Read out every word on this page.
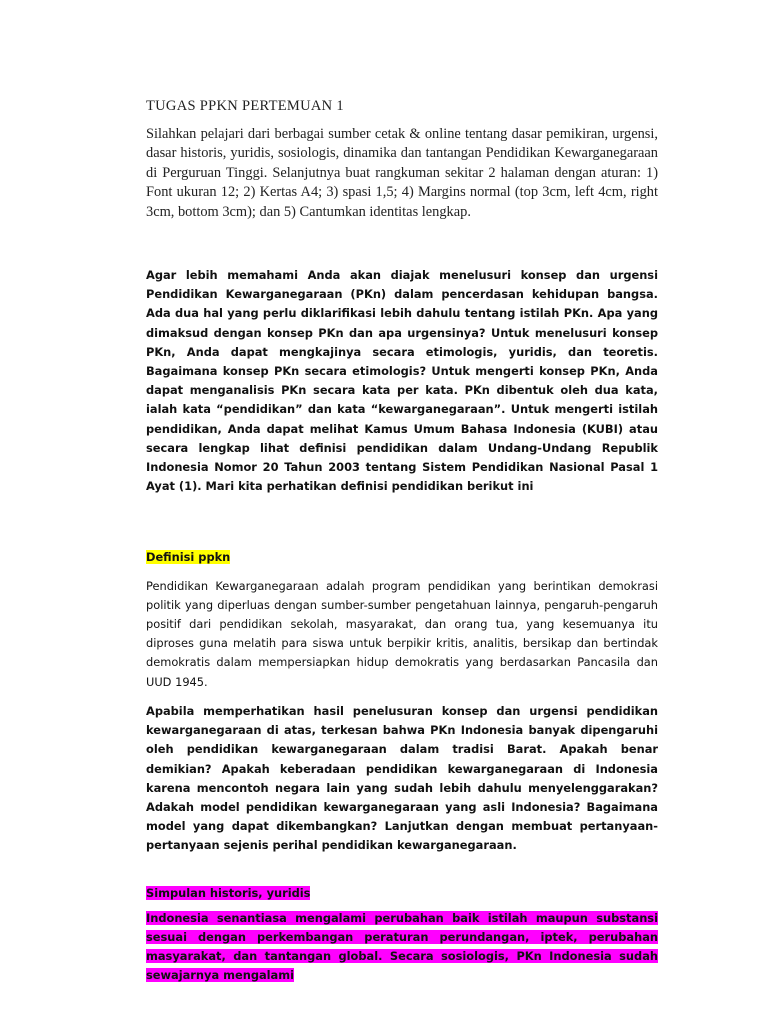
TUGAS PPKN PERTEMUAN 1

Silahkan pelajari dari berbagai sumber cetak & online tentang dasar pemikiran, urgensi, dasar historis, yuridis, sosiologis, dinamika dan tantangan Pendidikan Kewarganegaraan di Perguruan Tinggi. Selanjutnya buat rangkuman sekitar 2 halaman dengan aturan: 1) Font ukuran 12; 2) Kertas A4; 3) spasi 1,5; 4) Margins normal (top 3cm, left 4cm, right 3cm, bottom 3cm); dan 5) Cantumkan identitas lengkap.

Agar lebih memahami Anda akan diajak menelusuri konsep dan urgensi Pendidikan Kewarganegaraan (PKn) dalam pencerdasan kehidupan bangsa. Ada dua hal yang perlu diklarifikasi lebih dahulu tentang istilah PKn. Apa yang dimaksud dengan konsep PKn dan apa urgensinya? Untuk menelusuri konsep PKn, Anda dapat mengkajinya secara etimologis, yuridis, dan teoretis. Bagaimana konsep PKn secara etimologis? Untuk mengerti konsep PKn, Anda dapat menganalisis PKn secara kata per kata. PKn dibentuk oleh dua kata, ialah kata “pendidikan” dan kata “kewarganegaraan”. Untuk mengerti istilah pendidikan, Anda dapat melihat Kamus Umum Bahasa Indonesia (KUBI) atau secara lengkap lihat definisi pendidikan dalam Undang-Undang Republik Indonesia Nomor 20 Tahun 2003 tentang Sistem Pendidikan Nasional Pasal 1 Ayat (1). Mari kita perhatikan definisi pendidikan berikut ini

Definisi ppkn

Pendidikan Kewarganegaraan adalah program pendidikan yang berintikan demokrasi politik yang diperluas dengan sumber-sumber pengetahuan lainnya, pengaruh-pengaruh positif dari pendidikan sekolah, masyarakat, dan orang tua, yang kesemuanya itu diproses guna melatih para siswa untuk berpikir kritis, analitis, bersikap dan bertindak demokratis dalam mempersiapkan hidup demokratis yang berdasarkan Pancasila dan UUD 1945.

Apabila memperhatikan hasil penelusuran konsep dan urgensi pendidikan kewarganegaraan di atas, terkesan bahwa PKn Indonesia banyak dipengaruhi oleh pendidikan kewarganegaraan dalam tradisi Barat. Apakah benar demikian? Apakah keberadaan pendidikan kewarganegaraan di Indonesia karena mencontoh negara lain yang sudah lebih dahulu menyelenggarakan? Adakah model pendidikan kewarganegaraan yang asli Indonesia? Bagaimana model yang dapat dikembangkan? Lanjutkan dengan membuat pertanyaan-pertanyaan sejenis perihal pendidikan kewarganegaraan.

Simpulan historis, yuridis

Indonesia senantiasa mengalami perubahan baik istilah maupun substansi sesuai dengan perkembangan peraturan perundangan, iptek, perubahan masyarakat, dan tantangan global. Secara sosiologis, PKn Indonesia sudah sewajarnya mengalami
